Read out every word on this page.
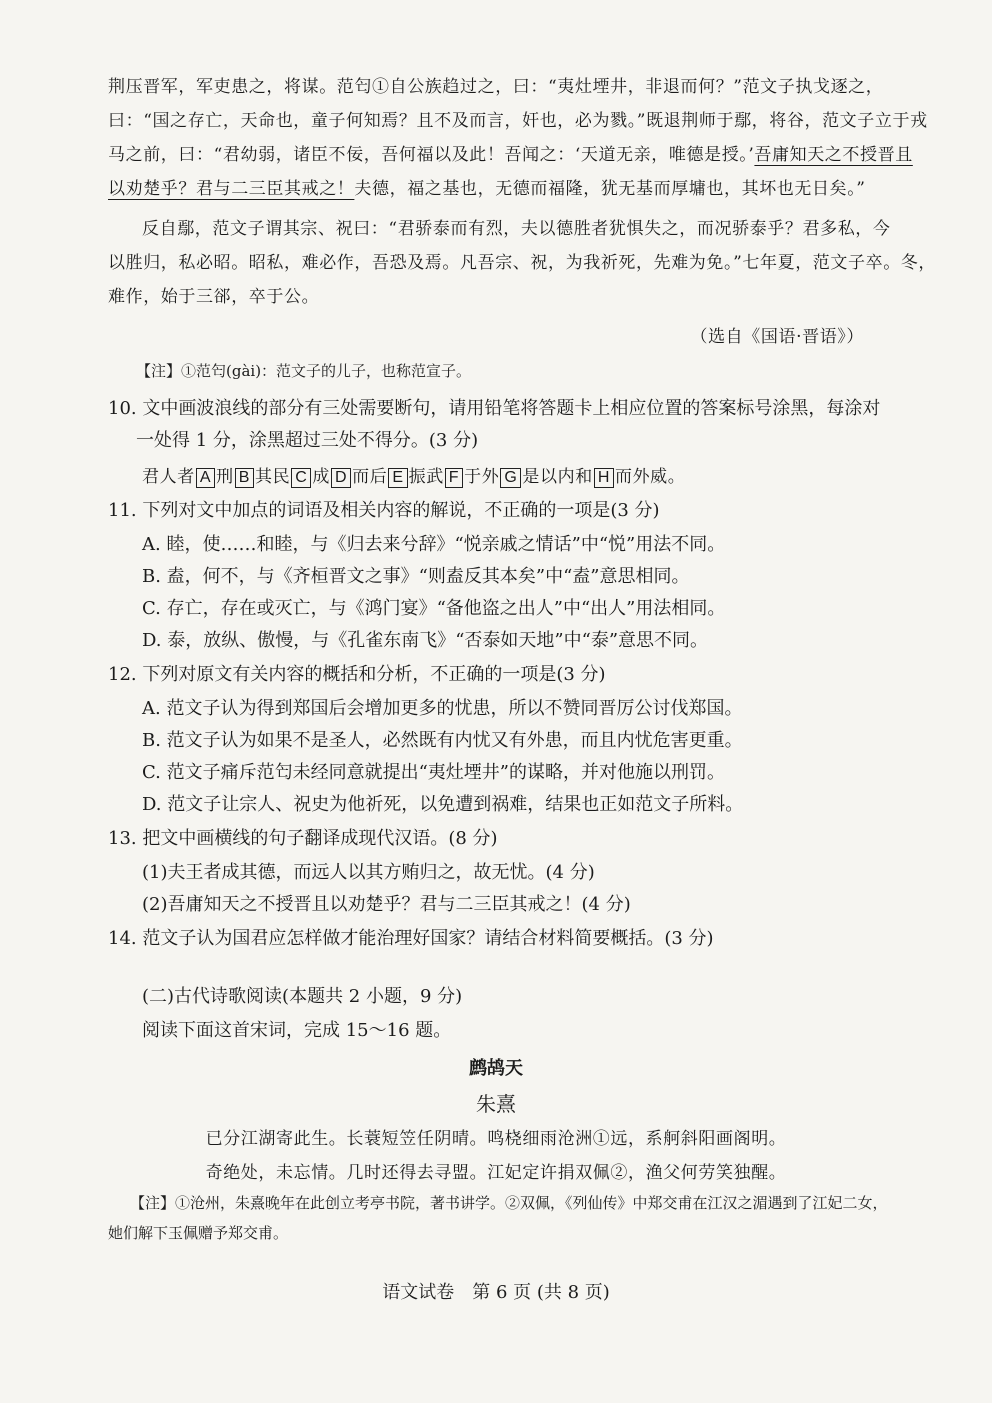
荆压晋军，军吏患之，将谋。范匄①自公族趋过之，曰：“夷灶堙井，非退而何？”范文子执戈逐之，
曰：“国之存亡，天命也，童子何知焉？且不及而言，奸也，必为戮。”既退荆师于鄢，将谷，范文子立于戎
马之前，曰：“君幼弱，诸臣不佞，吾何福以及此！吾闻之：‘天道无亲，唯德是授。’吾庸知天之不授晋且
以劝楚乎？君与二三臣其戒之！夫德，福之基也，无德而福隆，犹无基而厚墉也，其坏也无日矣。”
反自鄢，范文子谓其宗、祝曰：“君骄泰而有烈，夫以德胜者犹惧失之，而况骄泰乎？君多私，今
以胜归，私必昭。昭私，难必作，吾恐及焉。凡吾宗、祝，为我祈死，先难为免。”七年夏，范文子卒。冬，
难作，始于三郤，卒于公。
（选自《国语·晋语》）
【注】①范匄(gài)：范文子的儿子，也称范宣子。
10. 文中画波浪线的部分有三处需要断句，请用铅笔将答题卡上相应位置的答案标号涂黑，每涂对
一处得 1 分，涂黑超过三处不得分。(3 分)
君人者 A 刑 B 其民 C 成 D 而后 E 振武 F 于外 G 是以内和 H 而外威。
11. 下列对文中加点的词语及相关内容的解说，不正确的一项是(3 分)
A. 睦，使……和睦，与《归去来兮辞》“悦亲戚之情话”中“悦”用法不同。
B. 盍，何不，与《齐桓晋文之事》“则盍反其本矣”中“盍”意思相同。
C. 存亡，存在或灭亡，与《鸿门宴》“备他盗之出人”中“出人”用法相同。
D. 泰，放纵、傲慢，与《孔雀东南飞》“否泰如天地”中“泰”意思不同。
12. 下列对原文有关内容的概括和分析，不正确的一项是(3 分)
A. 范文子认为得到郑国后会增加更多的忧患，所以不赞同晋厉公讨伐郑国。
B. 范文子认为如果不是圣人，必然既有内忧又有外患，而且内忧危害更重。
C. 范文子痛斥范匄未经同意就提出“夷灶堙井”的谋略，并对他施以刑罚。
D. 范文子让宗人、祝史为他祈死，以免遭到祸难，结果也正如范文子所料。
13. 把文中画横线的句子翻译成现代汉语。(8 分)
(1)夫王者成其德，而远人以其方贿归之，故无忧。(4 分)
(2)吾庸知天之不授晋且以劝楚乎？君与二三臣其戒之！(4 分)
14. 范文子认为国君应怎样做才能治理好国家？请结合材料简要概括。(3 分)
(二)古代诗歌阅读(本题共 2 小题，9 分)
阅读下面这首宋词，完成 15～16 题。
鹧鸪天
朱熹
已分江湖寄此生。长蓑短笠任阴晴。鸣桡细雨沧洲①远，系舸斜阳画阁明。
奇绝处，未忘情。几时还得去寻盟。江妃定许捐双佩②，渔父何劳笑独醒。
【注】①沧州，朱熹晚年在此创立考亭书院，著书讲学。②双佩，《列仙传》中郑交甫在江汉之湄遇到了江妃二女，
她们解下玉佩赠予郑交甫。
语文试卷　第 6 页 (共 8 页)
